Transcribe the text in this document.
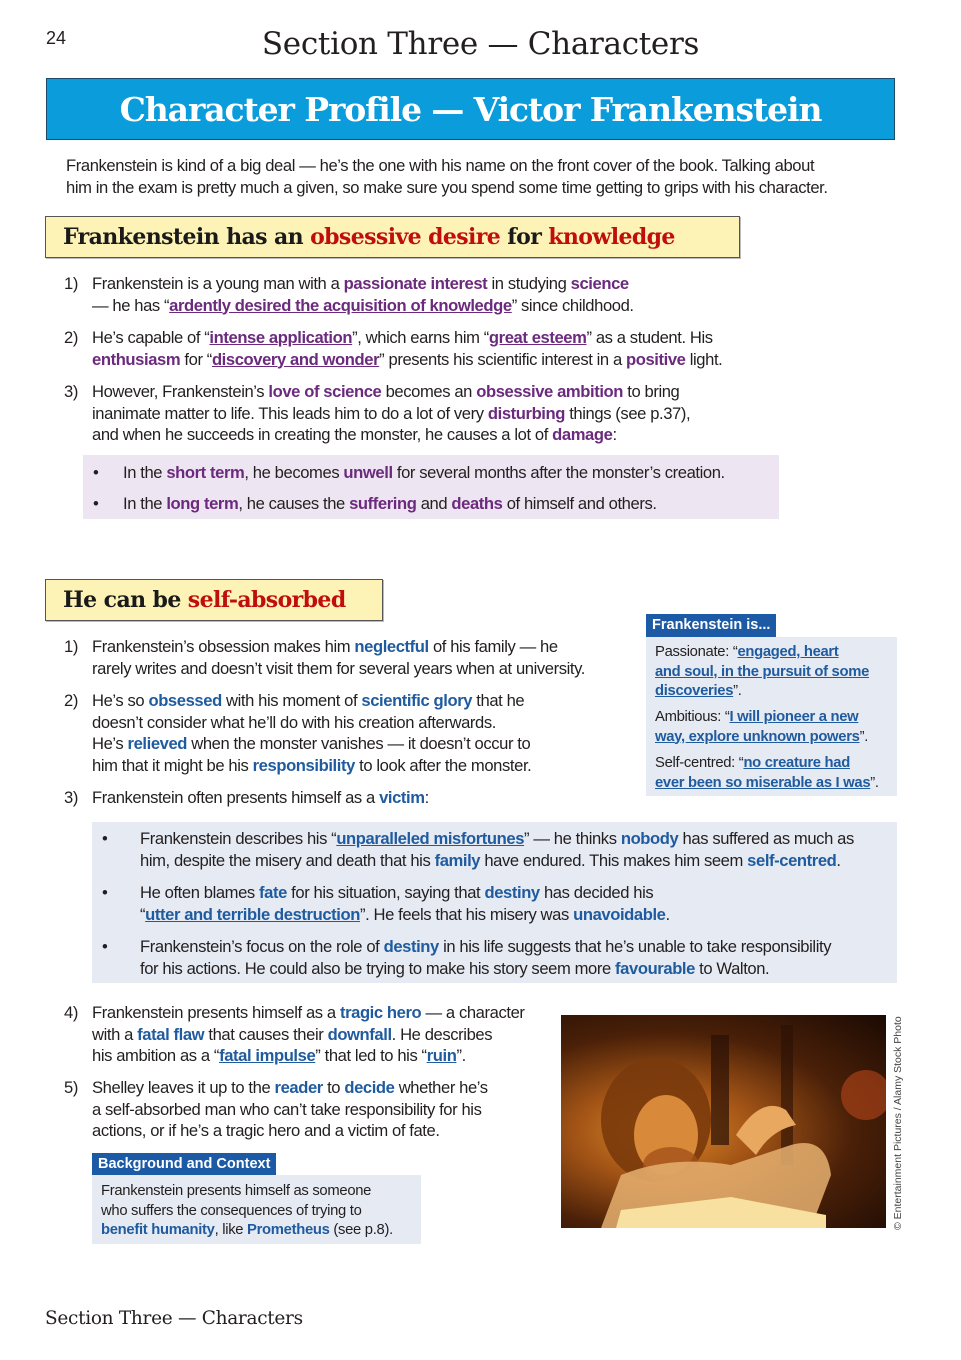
24	Section Three — Characters
Character Profile — Victor Frankenstein
Frankenstein is kind of a big deal — he’s the one with his name on the front cover of the book. Talking about
him in the exam is pretty much a given, so make sure you spend some time getting to grips with his character.
Frankenstein has an obsessive desire for knowledge
1) Frankenstein is a young man with a passionate interest in studying science
— he has “ardently desired the acquisition of knowledge” since childhood.
2) He’s capable of “intense application”, which earns him “great esteem” as a student. His
enthusiasm for “discovery and wonder” presents his scientific interest in a positive light.
3) However, Frankenstein’s love of science becomes an obsessive ambition to bring
inanimate matter to life. This leads him to do a lot of very disturbing things (see p.37),
and when he succeeds in creating the monster, he causes a lot of damage:
• In the short term, he becomes unwell for several months after the monster’s creation.
• In the long term, he causes the suffering and deaths of himself and others.
He can be self-absorbed
1) Frankenstein’s obsession makes him neglectful of his family — he
rarely writes and doesn’t visit them for several years when at university.
2) He’s so obsessed with his moment of scientific glory that he
doesn’t consider what he’ll do with his creation afterwards.
He’s relieved when the monster vanishes — it doesn’t occur to
him that it might be his responsibility to look after the monster.
3) Frankenstein often presents himself as a victim:
Frankenstein is...
Passionate: “engaged, heart
and soul, in the pursuit of some
discoveries”.
Ambitious: “I will pioneer a new
way, explore unknown powers”.
Self-centred: “no creature had
ever been so miserable as I was”.
• Frankenstein describes his “unparalleled misfortunes” — he thinks nobody has suffered as much as
him, despite the misery and death that his family have endured. This makes him seem self-centred.
• He often blames fate for his situation, saying that destiny has decided his
“utter and terrible destruction”. He feels that his misery was unavoidable.
• Frankenstein’s focus on the role of destiny in his life suggests that he’s unable to take responsibility
for his actions. He could also be trying to make his story seem more favourable to Walton.
4) Frankenstein presents himself as a tragic hero — a character
with a fatal flaw that causes their downfall. He describes
his ambition as a “fatal impulse” that led to his “ruin”.
5) Shelley leaves it up to the reader to decide whether he’s
a self-absorbed man who can’t take responsibility for his
actions, or if he’s a tragic hero and a victim of fate.
Background and Context
Frankenstein presents himself as someone
who suffers the consequences of trying to
benefit humanity, like Prometheus (see p.8).	© Entertainment Pictures / Alamy Stock Photo
Section Three — Characters
